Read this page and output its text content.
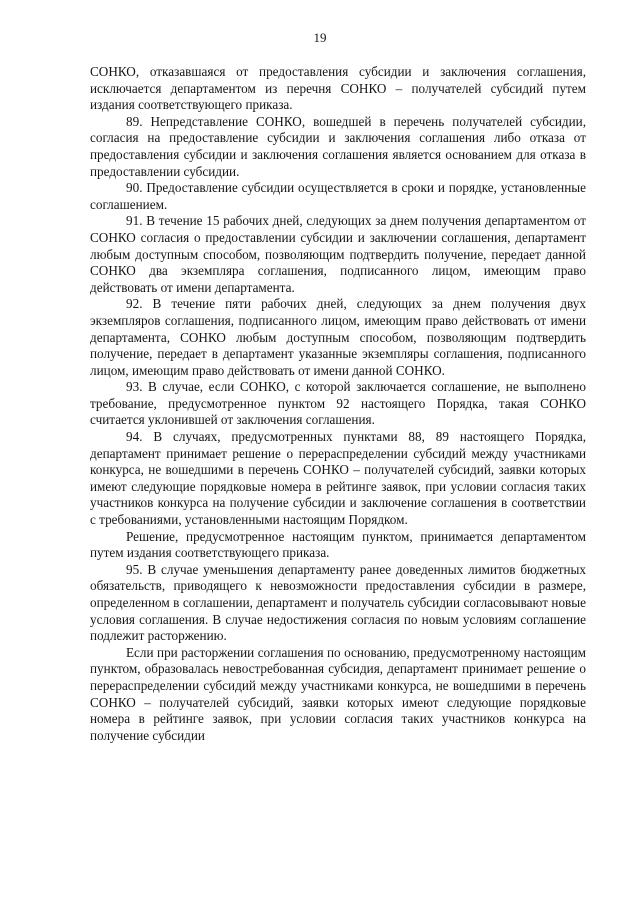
19

СОНКО, отказавшаяся от предоставления субсидии и заключения соглашения, исключается департаментом из перечня СОНКО – получателей субсидий путем издания соответствующего приказа.

89. Непредставление СОНКО, вошедшей в перечень получателей субсидии, согласия на предоставление субсидии и заключения соглашения либо отказа от предоставления субсидии и заключения соглашения является основанием для отказа в предоставлении субсидии.

90. Предоставление субсидии осуществляется в сроки и порядке, установленные соглашением.

91. В течение 15 рабочих дней, следующих за днем получения департаментом от СОНКО согласия о предоставлении субсидии и заключении соглашения, департамент любым доступным способом, позволяющим подтвердить получение, передает данной СОНКО два экземпляра соглашения, подписанного лицом, имеющим право действовать от имени департамента.

92. В течение пяти рабочих дней, следующих за днем получения двух экземпляров соглашения, подписанного лицом, имеющим право действовать от имени департамента, СОНКО любым доступным способом, позволяющим подтвердить получение, передает в департамент указанные экземпляры соглашения, подписанного лицом, имеющим право действовать от имени данной СОНКО.

93. В случае, если СОНКО, с которой заключается соглашение, не выполнено требование, предусмотренное пунктом 92 настоящего Порядка, такая СОНКО считается уклонившей от заключения соглашения.

94. В случаях, предусмотренных пунктами 88, 89 настоящего Порядка, департамент принимает решение о перераспределении субсидий между участниками конкурса, не вошедшими в перечень СОНКО – получателей субсидий, заявки которых имеют следующие порядковые номера в рейтинге заявок, при условии согласия таких участников конкурса на получение субсидии и заключение соглашения в соответствии с требованиями, установленными настоящим Порядком.

Решение, предусмотренное настоящим пунктом, принимается департаментом путем издания соответствующего приказа.

95. В случае уменьшения департаменту ранее доведенных лимитов бюджетных обязательств, приводящего к невозможности предоставления субсидии в размере, определенном в соглашении, департамент и получатель субсидии согласовывают новые условия соглашения. В случае недостижения согласия по новым условиям соглашение подлежит расторжению.

Если при расторжении соглашения по основанию, предусмотренному настоящим пунктом, образовалась невостребованная субсидия, департамент принимает решение о перераспределении субсидий между участниками конкурса, не вошедшими в перечень СОНКО – получателей субсидий, заявки которых имеют следующие порядковые номера в рейтинге заявок, при условии согласия таких участников конкурса на получение субсидии
